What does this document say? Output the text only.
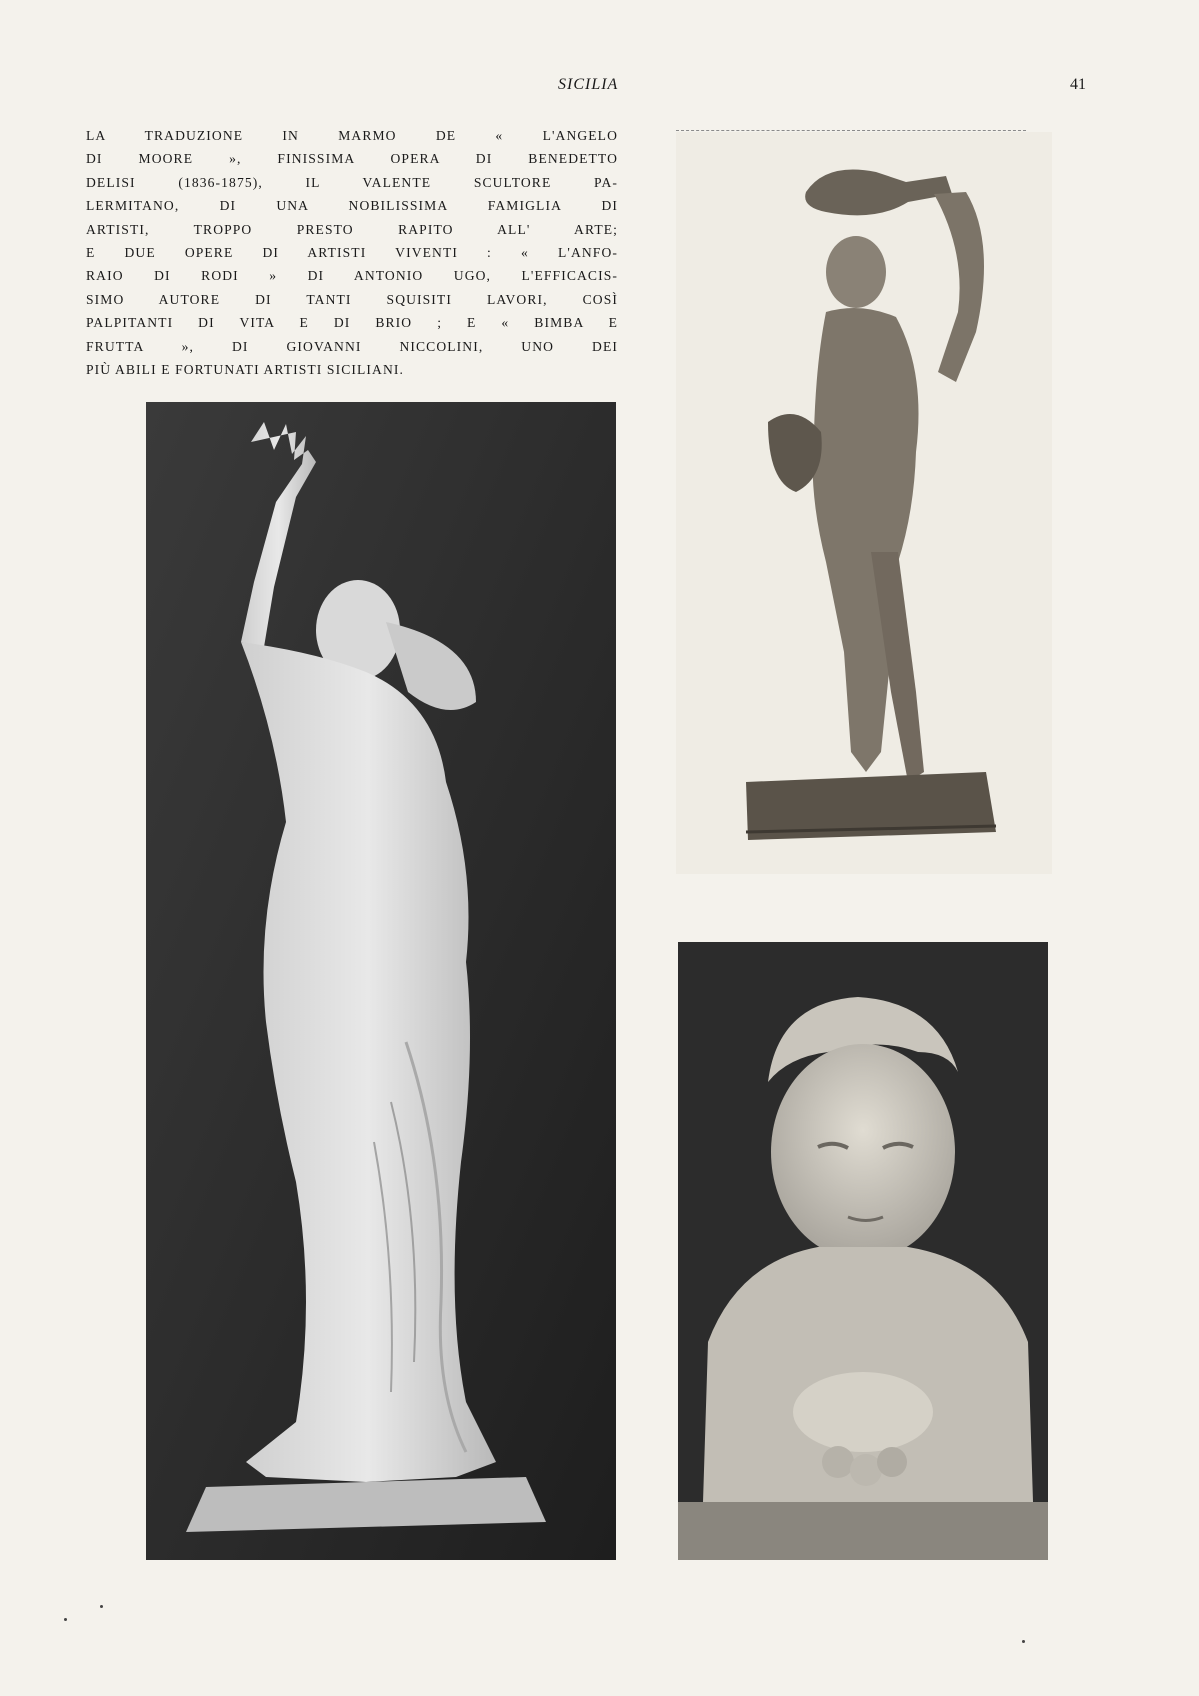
SICILIA	41
LA TRADUZIONE IN MARMO DE « L'ANGELO
DI MOORE », FINISSIMA OPERA DI BENEDETTO
DELISI (1836-1875), IL VALENTE SCULTORE PA-
LERMITANO, DI UNA NOBILISSIMA FAMIGLIA DI
ARTISTI, TROPPO PRESTO RAPITO ALL' ARTE;
E DUE OPERE DI ARTISTI VIVENTI : « L'ANFO-
RAIO DI RODI » DI ANTONIO UGO, L'EFFICACIS-
SIMO AUTORE DI TANTI SQUISITI LAVORI, COSÌ
PALPITANTI DI VITA E DI BRIO ; E « BIMBA E
FRUTTA », DI GIOVANNI NICCOLINI, UNO DEI
PIÙ ABILI E FORTUNATI ARTISTI SICILIANI.
